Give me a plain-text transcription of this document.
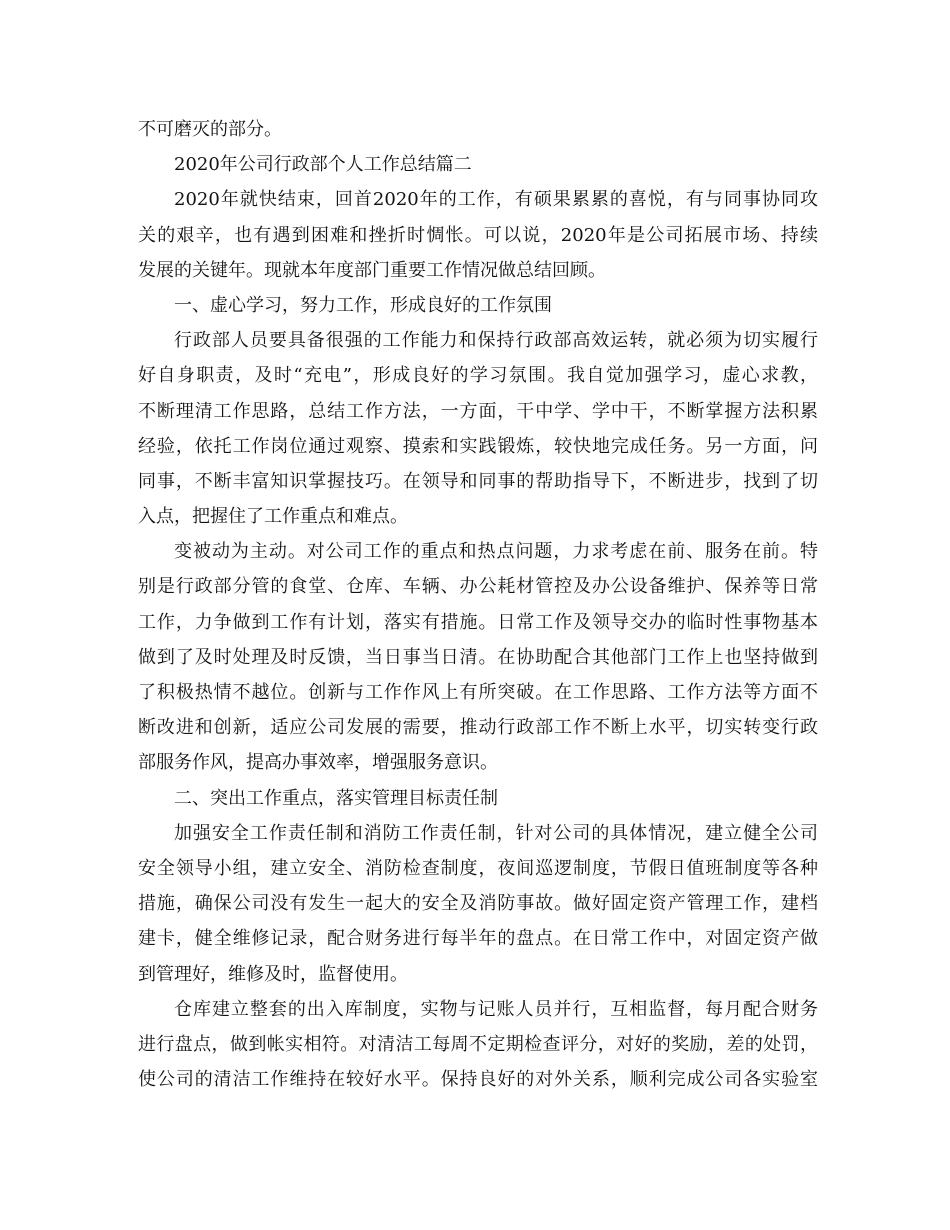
不可磨灭的部分。
2020年公司行政部个人工作总结篇二
2020年就快结束，回首2020年的工作，有硕果累累的喜悦，有与同事协同攻
关的艰辛，也有遇到困难和挫折时惆怅。可以说，2020年是公司拓展市场、持续
发展的关键年。现就本年度部门重要工作情况做总结回顾。
一、虚心学习，努力工作，形成良好的工作氛围
行政部人员要具备很强的工作能力和保持行政部高效运转，就必须为切实履行
好自身职责，及时“充电”，形成良好的学习氛围。我自觉加强学习，虚心求教，
不断理清工作思路，总结工作方法，一方面，干中学、学中干，不断掌握方法积累
经验，依托工作岗位通过观察、摸索和实践锻炼，较快地完成任务。另一方面，问
同事，不断丰富知识掌握技巧。在领导和同事的帮助指导下，不断进步，找到了切
入点，把握住了工作重点和难点。
变被动为主动。对公司工作的重点和热点问题，力求考虑在前、服务在前。特
别是行政部分管的食堂、仓库、车辆、办公耗材管控及办公设备维护、保养等日常
工作，力争做到工作有计划，落实有措施。日常工作及领导交办的临时性事物基本
做到了及时处理及时反馈，当日事当日清。在协助配合其他部门工作上也坚持做到
了积极热情不越位。创新与工作作风上有所突破。在工作思路、工作方法等方面不
断改进和创新，适应公司发展的需要，推动行政部工作不断上水平，切实转变行政
部服务作风，提高办事效率，增强服务意识。
二、突出工作重点，落实管理目标责任制
加强安全工作责任制和消防工作责任制，针对公司的具体情况，建立健全公司
安全领导小组，建立安全、消防检查制度，夜间巡逻制度，节假日值班制度等各种
措施，确保公司没有发生一起大的安全及消防事故。做好固定资产管理工作，建档
建卡，健全维修记录，配合财务进行每半年的盘点。在日常工作中，对固定资产做
到管理好，维修及时，监督使用。
仓库建立整套的出入库制度，实物与记账人员并行，互相监督，每月配合财务
进行盘点，做到帐实相符。对清洁工每周不定期检查评分，对好的奖励，差的处罚，
使公司的清洁工作维持在较好水平。保持良好的对外关系，顺利完成公司各实验室
